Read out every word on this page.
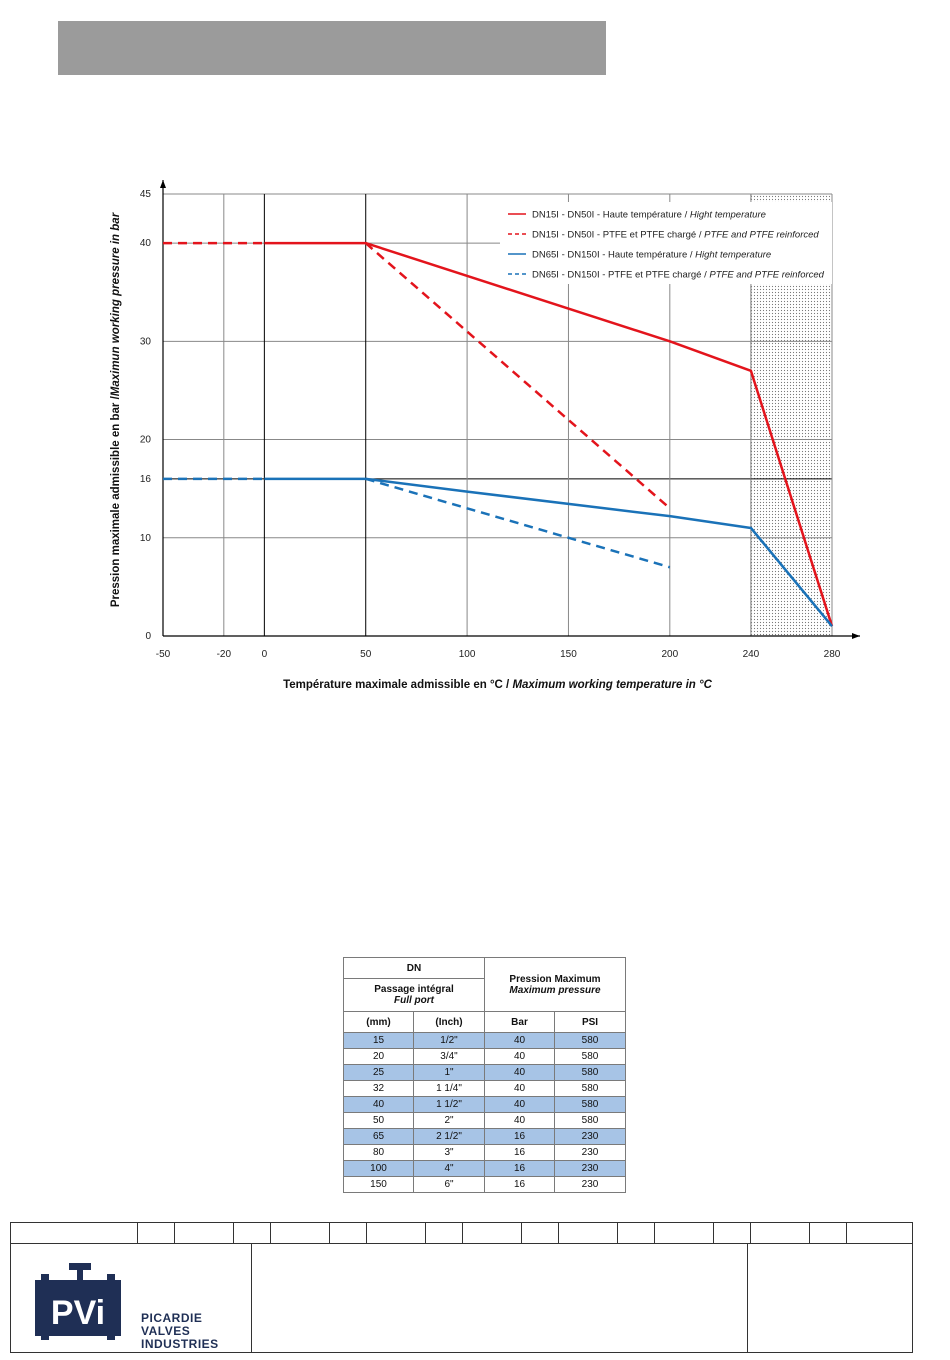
-50	-20	0	50	100	150	200	240	280
0
10
16
20
30
40
45
Température maximale admissible en °C / Maximum working temperature in °C
Pression maximale admissible en bar /Maximun working pressure in bar	DN15I - DN50I - Haute température / Hight temperature
DN15I - DN50I - PTFE et PTFE chargé / PTFE and PTFE reinforced
DN65I - DN150I - Haute température / Hight temperature
DN65I - DN150I - PTFE et PTFE chargé / PTFE and PTFE reinforced
DN		Pression Maximum
Maximum pressure	

Passage intégral
Full port			

(mm)	(Inch)	Bar	PSI
15	1/2"	40	580
20	3/4"	40	580
25	1"	40	580
32	1 1/4"	40	580
40	1 1/2"	40	580
50	2"	40	580
65	2 1/2"	16	230
80	3"	16	230
100	4"	16	230
150	6"	16	230
PVi	PICARDIE
VALVES
INDUSTRIES
